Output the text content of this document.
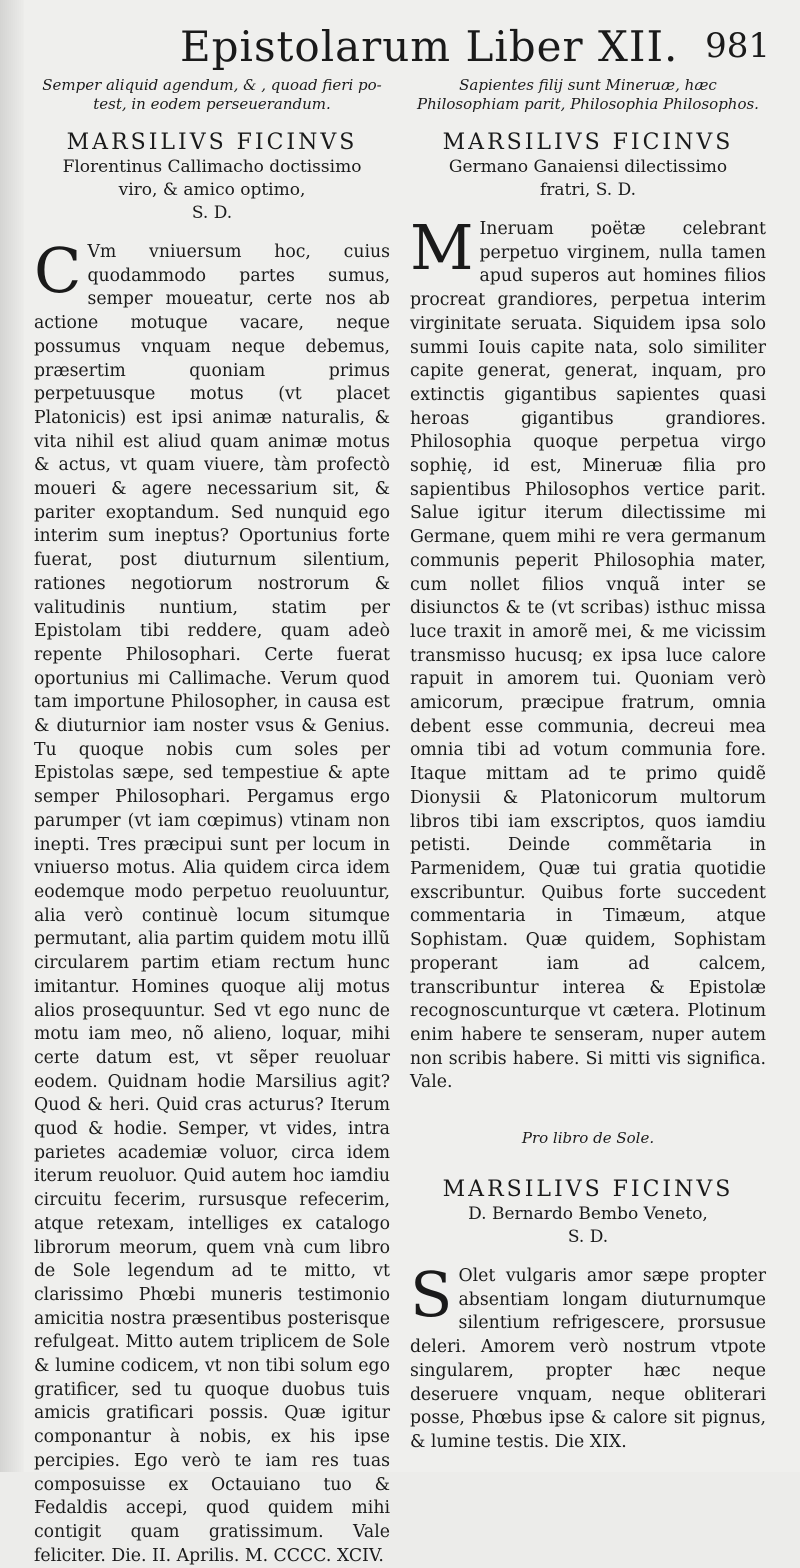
Epistolarum Liber XII. 981
Semper aliquid agendum, & , quoad fieri po-test, in eodem perseuerandum.
MARSILIVS FICINVS
Florentinus Callimacho doctissimo
viro, & amico optimo,
S. D.
C Vm vniuersum hoc, cuius quodammodo partes sumus, semper moueatur, certe nos ab actione motuque vacare, neque possumus vnquam neque debemus, præsertim quoniam primus perpetuusque motus (vt placet Platonicis) est ipsi animæ naturalis, & vita nihil est aliud quam animæ motus & actus, vt quam viuere, tàm profectò moueri & agere necessarium sit, & pariter exoptandum. Sed nunquid ego interim sum ineptus? Oportunius forte fuerat, post diuturnum silentium, rationes negotiorum nostrorum & valitudinis nuntium, statim per Epistolam tibi reddere, quam adeò repente Philosophari. Certe fuerat oportunius mi Callimache. Verum quod tam importune Philosopher, in causa est & diuturnior iam noster vsus & Genius. Tu quoque nobis cum soles per Epistolas sæpe, sed tempestiue & apte semper Philosophari. Pergamus ergo parumper (vt iam cœpimus) vtinam non inepti. Tres præcipui sunt per locum in vniuerso motus. Alia quidem circa idem eodemque modo perpetuo reuoluuntur, alia verò continuè locum situmque permutant, alia partim quidem motu illũ circularem partim etiam rectum hunc imitantur. Homines quoque alij motus alios prosequuntur. Sed vt ego nunc de motu iam meo, nõ alieno, loquar, mihi certe datum est, vt sẽper reuoluar eodem. Quidnam hodie Marsilius agit? Quod & heri. Quid cras acturus? Iterum quod & hodie. Semper, vt vides, intra parietes academiæ voluor, circa idem iterum reuoluor. Quid autem hoc iamdiu circuitu fecerim, rursusque refecerim, atque retexam, intelliges ex catalogo librorum meorum, quem vnà cum libro de Sole legendum ad te mitto, vt clarissimo Phœbi muneris testimonio amicitia nostra præsentibus posterisque refulgeat. Mitto autem triplicem de Sole & lumine codicem, vt non tibi solum ego gratificer, sed tu quoque duobus tuis amicis gratificari possis. Quæ igitur componantur à nobis, ex his ipse percipies. Ego verò te iam res tuas composuisse ex Octauiano tuo & Fedaldis accepi, quod quidem mihi contigit quam gratissimum. Vale feliciter. Die. II. Aprilis. M. CCCC. XCIV.

Sapientes filij sunt Mineruæ, hæc Philosophiam parit, Philosophia Philosophos.
MARSILIVS FICINVS
Germano Ganaiensi dilectissimo
fratri, S. D.
M Ineruam poëtæ celebrant perpetuo virginem, nulla tamen apud superos aut homines filios procreat grandiores, perpetua interim virginitate seruata. Siquidem ipsa solo summi Iouis capite nata, solo similiter capite generat, generat, inquam, pro extinctis gigantibus sapientes quasi heroas gigantibus grandiores. Philosophia quoque perpetua virgo sophię, id est, Mineruæ filia pro sapientibus Philosophos vertice parit. Salue igitur iterum dilectissime mi Germane, quem mihi re vera germanum communis peperit Philosophia mater, cum nollet filios vnquã inter se disiunctos & te (vt scribas) isthuc missa luce traxit in amorẽ mei, & me vicissim transmisso hucusq; ex ipsa luce calore rapuit in amorem tui. Quoniam verò amicorum, præcipue fratrum, omnia debent esse communia, decreui mea omnia tibi ad votum communia fore. Itaque mittam ad te primo quidẽ Dionysii & Platonicorum multorum libros tibi iam exscriptos, quos iamdiu petisti. Deinde commẽtaria in Parmenidem, Quæ tui gratia quotidie exscribuntur. Quibus forte succedent commentaria in Timæum, atque Sophistam. Quæ quidem, Sophistam properant iam ad calcem, transcribuntur interea & Epistolæ recognoscunturque vt cætera. Plotinum enim habere te senseram, nuper autem non scribis habere. Si mitti vis significa. Vale.

Pro libro de Sole.
MARSILIVS FICINVS
D. Bernardo Bembo Veneto,
S. D.
S Olet vulgaris amor sæpe propter absentiam longam diuturnumque silentium refrigescere, prorsusue deleri. Amorem verò nostrum vtpote singularem, propter hæc neque deseruere vnquam, neque obliterari posse, Phœbus ipse & calore sit pignus, & lumine testis. Die XIX.
